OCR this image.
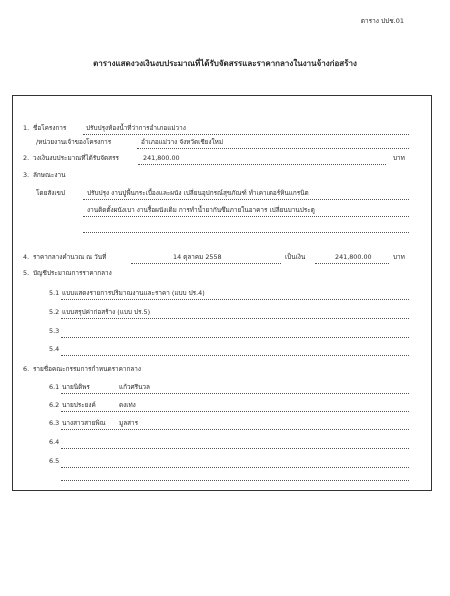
ตาราง ปปช.01
ตารางแสดงวงเงินงบประมาณที่ได้รับจัดสรรและราคากลางในงานจ้างก่อสร้าง
1. ชื่อโครงการ	ปรับปรุงห้องน้ำที่ว่าการอำเภอแม่วาง
/หน่วยงานเจ้าของโครงการ	อำเภอแม่วาง จังหวัดเชียงใหม่
2. วงเงินงบประมาณที่ได้รับจัดสรร	241,800.00	บาท
3. ลักษณะงาน
โดยสังเขป	ปรับปรุง งานปูพื้นกระเบื้องและผนัง เปลี่ยนอุปกรณ์สุขภัณฑ์ ทำเคาเตอร์หินแกรนิต
งานติดตั้งผนังเบา งานรื้อผนังเดิม การทำน้ำยากันซึมภายในอาคาร เปลี่ยนบานประตู
4. ราคากลางคำนวณ ณ วันที่	14 ตุลาคม 2558	เป็นเงิน	241,800.00	บาท
5. บัญชีประมาณการราคากลาง
5.1 แบบแสดงรายการปริมาณงานและราคา (แบบ ปร.4)
5.2 แบบสรุปค่าก่อสร้าง (แบบ ปร.5)
5.3
5.4
6. รายชื่อคณะกรรมการกำหนดราคากลาง
6.1 นายนิติพร	แก้วศรีนวล
6.2 นายประยงค์	ดงเท่ง
6.3 นางสาวสายพิณ มูลสาร
6.4
6.5
